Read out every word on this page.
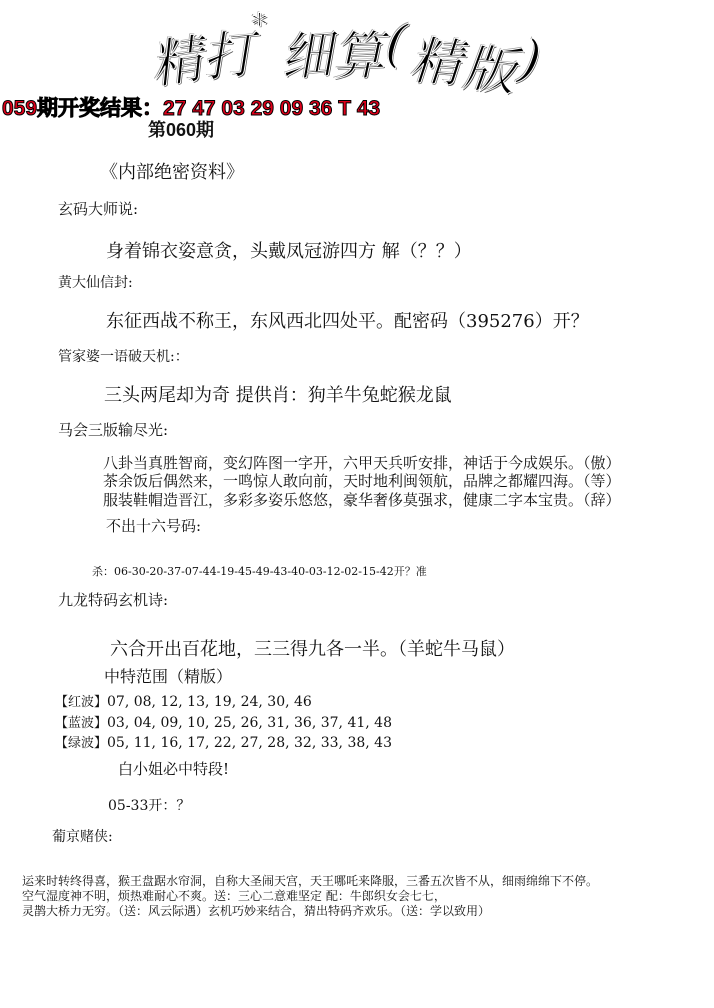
精
打
* 细
算
(
精
版
)
059期开奖结果：27 47 03 29 09 36 T 43
第060期
《内部绝密资料》
玄码大师说:
身着锦衣姿意贪，头戴凤冠游四方 解（？？）
黄大仙信封:
东征西战不称王，东风西北四处平。配密码（395276）开？
管家婆一语破天机:：
三头两尾却为奇 提供肖：狗羊牛兔蛇猴龙鼠
马会三版输尽光:
八卦当真胜智商，变幻阵图一字开，六甲天兵听安排，神话于今成娱乐。（傲）
茶余饭后偶然来，一鸣惊人敢向前，天时地利闽领航，品牌之都耀四海。（等）
服装鞋帽造晋江，多彩多姿乐悠悠，豪华奢侈莫强求，健康二字本宝贵。（辞）
不出十六号码:
杀：06-30-20-37-07-44-19-45-49-43-40-03-12-02-15-42开？准
九龙特码玄机诗:
六合开出百花地，三三得九各一半。（羊蛇牛马鼠）
中特范围（精版）
【红波】07, 08, 12, 13, 19, 24, 30, 46
【蓝波】03, 04, 09, 10, 25, 26, 31, 36, 37, 41, 48
【绿波】05, 11, 16, 17, 22, 27, 28, 32, 33, 38, 43
白小姐必中特段!
05-33开：？
葡京赌侠:
运来时转终得喜，猴王盘踞水帘洞，自称大圣闹天宫，天王哪吒来降服，三番五次皆不从，细雨绵绵下不停。
空气湿度神不明，烦热难耐心不爽。送：三心二意难坚定 配：牛郎织女会七七，
灵鹊大桥力无穷。（送：风云际遇）玄机巧妙来结合，猜出特码齐欢乐。（送：学以致用）
